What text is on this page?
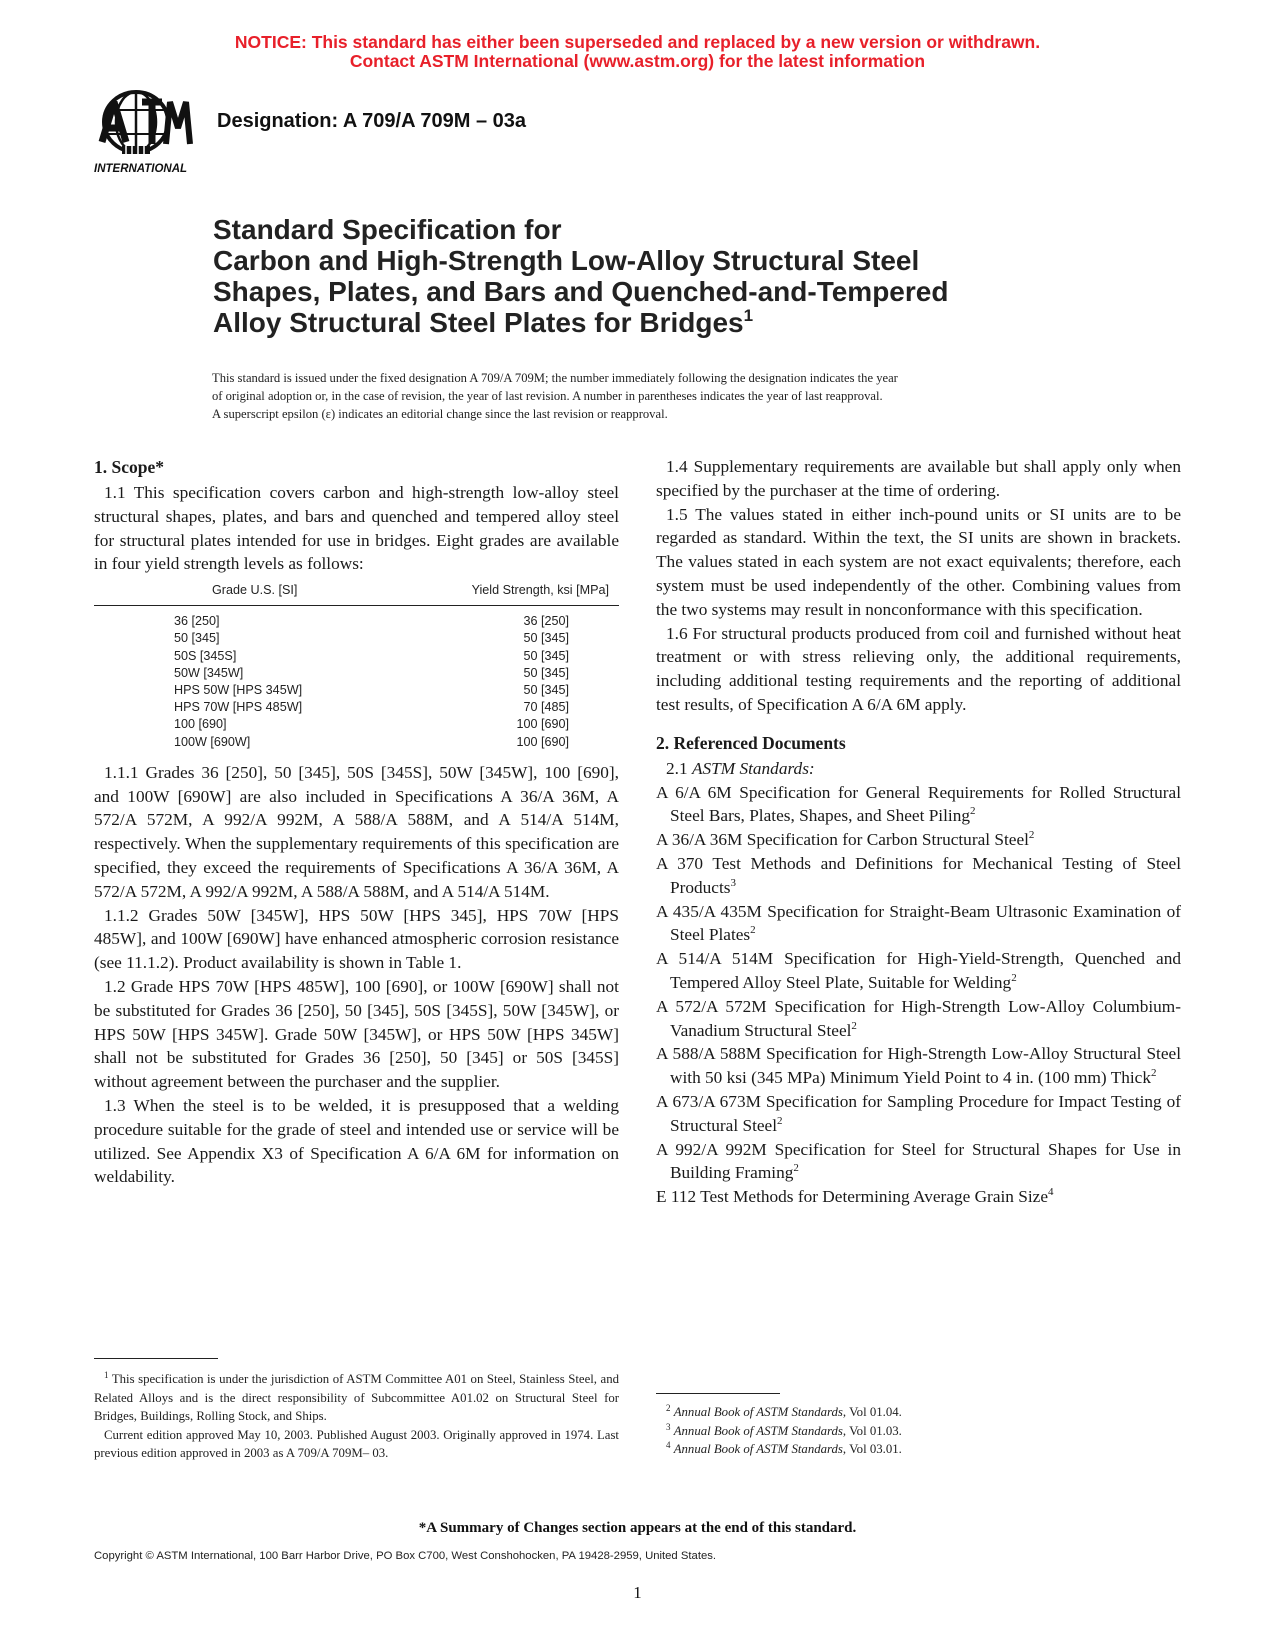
NOTICE: This standard has either been superseded and replaced by a new version or withdrawn.
Contact ASTM International (www.astm.org) for the latest information
INTERNATIONAL
Designation: A 709/A 709M – 03a
Standard Specification for
Carbon and High-Strength Low-Alloy Structural Steel
Shapes, Plates, and Bars and Quenched-and-Tempered
Alloy Structural Steel Plates for Bridges$^1$
This standard is issued under the fixed designation A 709/A 709M; the number immediately following the designation indicates the year
of original adoption or, in the case of revision, the year of last revision. A number in parentheses indicates the year of last reapproval.
A superscript epsilon (ε) indicates an editorial change since the last revision or reapproval.
1. Scope*

1.1 This specification covers carbon and high-strength low-alloy steel structural shapes, plates, and bars and quenched and tempered alloy steel for structural plates intended for use in bridges. Eight grades are available in four yield strength levels as follows:

Grade U.S. [SI]	Yield Strength, ksi [MPa]
36 [250]	36 [250]
50 [345]	50 [345]
50S [345S]	50 [345]
50W [345W]	50 [345]
HPS 50W [HPS 345W]	50 [345]
HPS 70W [HPS 485W]	70 [485]
100 [690]	100 [690]
100W [690W]	100 [690]

1.1.1 Grades 36 [250], 50 [345], 50S [345S], 50W [345W], 100 [690], and 100W [690W] are also included in Specifications A 36/A 36M, A 572/A 572M, A 992/A 992M, A 588/A 588M, and A 514/A 514M, respectively. When the supplementary requirements of this specification are specified, they exceed the requirements of Specifications A 36/A 36M, A 572/A 572M, A 992/A 992M, A 588/A 588M, and A 514/A 514M.

1.1.2 Grades 50W [345W], HPS 50W [HPS 345], HPS 70W [HPS 485W], and 100W [690W] have enhanced atmospheric corrosion resistance (see 11.1.2). Product availability is shown in Table 1.

1.2 Grade HPS 70W [HPS 485W], 100 [690], or 100W [690W] shall not be substituted for Grades 36 [250], 50 [345], 50S [345S], 50W [345W], or HPS 50W [HPS 345W]. Grade 50W [345W], or HPS 50W [HPS 345W] shall not be substituted for Grades 36 [250], 50 [345] or 50S [345S] without agreement between the purchaser and the supplier.

1.3 When the steel is to be welded, it is presupposed that a welding procedure suitable for the grade of steel and intended use or service will be utilized. See Appendix X3 of Specification A 6/A 6M for information on weldability.

1.4 Supplementary requirements are available but shall apply only when specified by the purchaser at the time of ordering.

1.5 The values stated in either inch-pound units or SI units are to be regarded as standard. Within the text, the SI units are shown in brackets. The values stated in each system are not exact equivalents; therefore, each system must be used independently of the other. Combining values from the two systems may result in nonconformance with this specification.

1.6 For structural products produced from coil and furnished without heat treatment or with stress relieving only, the additional requirements, including additional testing requirements and the reporting of additional test results, of Specification A 6/A 6M apply.

2. Referenced Documents

2.1 ASTM Standards:

A 6/A 6M Specification for General Requirements for Rolled Structural Steel Bars, Plates, Shapes, and Sheet Piling$^2$

A 36/A 36M Specification for Carbon Structural Steel$^2$

A 370 Test Methods and Definitions for Mechanical Testing of Steel Products$^3$

A 435/A 435M Specification for Straight-Beam Ultrasonic Examination of Steel Plates$^2$

A 514/A 514M Specification for High-Yield-Strength, Quenched and Tempered Alloy Steel Plate, Suitable for Welding$^2$

A 572/A 572M Specification for High-Strength Low-Alloy Columbium-Vanadium Structural Steel$^2$

A 588/A 588M Specification for High-Strength Low-Alloy Structural Steel with 50 ksi (345 MPa) Minimum Yield Point to 4 in. (100 mm) Thick$^2$

A 673/A 673M Specification for Sampling Procedure for Impact Testing of Structural Steel$^2$

A 992/A 992M Specification for Steel for Structural Shapes for Use in Building Framing$^2$

E 112 Test Methods for Determining Average Grain Size$^4$

$^1$ This specification is under the jurisdiction of ASTM Committee A01 on Steel, Stainless Steel, and Related Alloys and is the direct responsibility of Subcommittee A01.02 on Structural Steel for Bridges, Buildings, Rolling Stock, and Ships.

Current edition approved May 10, 2003. Published August 2003. Originally approved in 1974. Last previous edition approved in 2003 as A 709/A 709M– 03.

$^2$ Annual Book of ASTM Standards, Vol 01.04.

$^3$ Annual Book of ASTM Standards, Vol 01.03.

$^4$ Annual Book of ASTM Standards, Vol 03.01.

*A Summary of Changes section appears at the end of this standard.
Copyright © ASTM International, 100 Barr Harbor Drive, PO Box C700, West Conshohocken, PA 19428-2959, United States.
1
